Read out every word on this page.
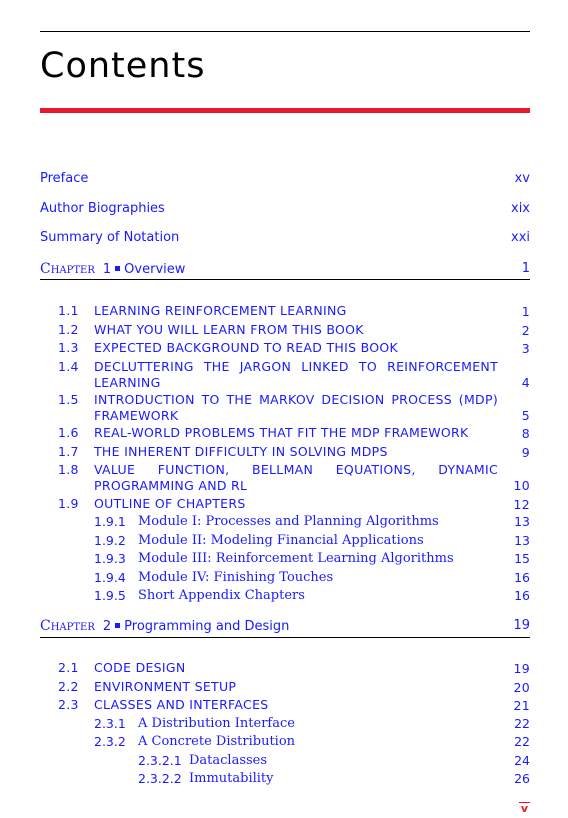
Contents
Preface	xv
Author Biographies	xix
Summary of Notation	xxi
Chapter 1 Overview	1
1.1 LEARNING REINFORCEMENT LEARNING	1
1.2 WHAT YOU WILL LEARN FROM THIS BOOK	2
1.3 EXPECTED BACKGROUND TO READ THIS BOOK	3
1.4 DECLUTTERING THE JARGON LINKED TO REINFORCEMENT LEARNING	4
1.5 INTRODUCTION TO THE MARKOV DECISION PROCESS (MDP) FRAMEWORK	5
1.6 REAL-WORLD PROBLEMS THAT FIT THE MDP FRAMEWORK	8
1.7 THE INHERENT DIFFICULTY IN SOLVING MDPS	9
1.8 VALUE FUNCTION, BELLMAN EQUATIONS, DYNAMIC PROGRAMMING AND RL	10
1.9 OUTLINE OF CHAPTERS	12
1.9.1 Module I: Processes and Planning Algorithms	13
1.9.2 Module II: Modeling Financial Applications	13
1.9.3 Module III: Reinforcement Learning Algorithms	15
1.9.4 Module IV: Finishing Touches	16
1.9.5 Short Appendix Chapters	16
Chapter 2 Programming and Design	19
2.1 CODE DESIGN	19
2.2 ENVIRONMENT SETUP	20
2.3 CLASSES AND INTERFACES	21
2.3.1 A Distribution Interface	22
2.3.2 A Concrete Distribution	22
2.3.2.1 Dataclasses	24
2.3.2.2 Immutability	26
v
